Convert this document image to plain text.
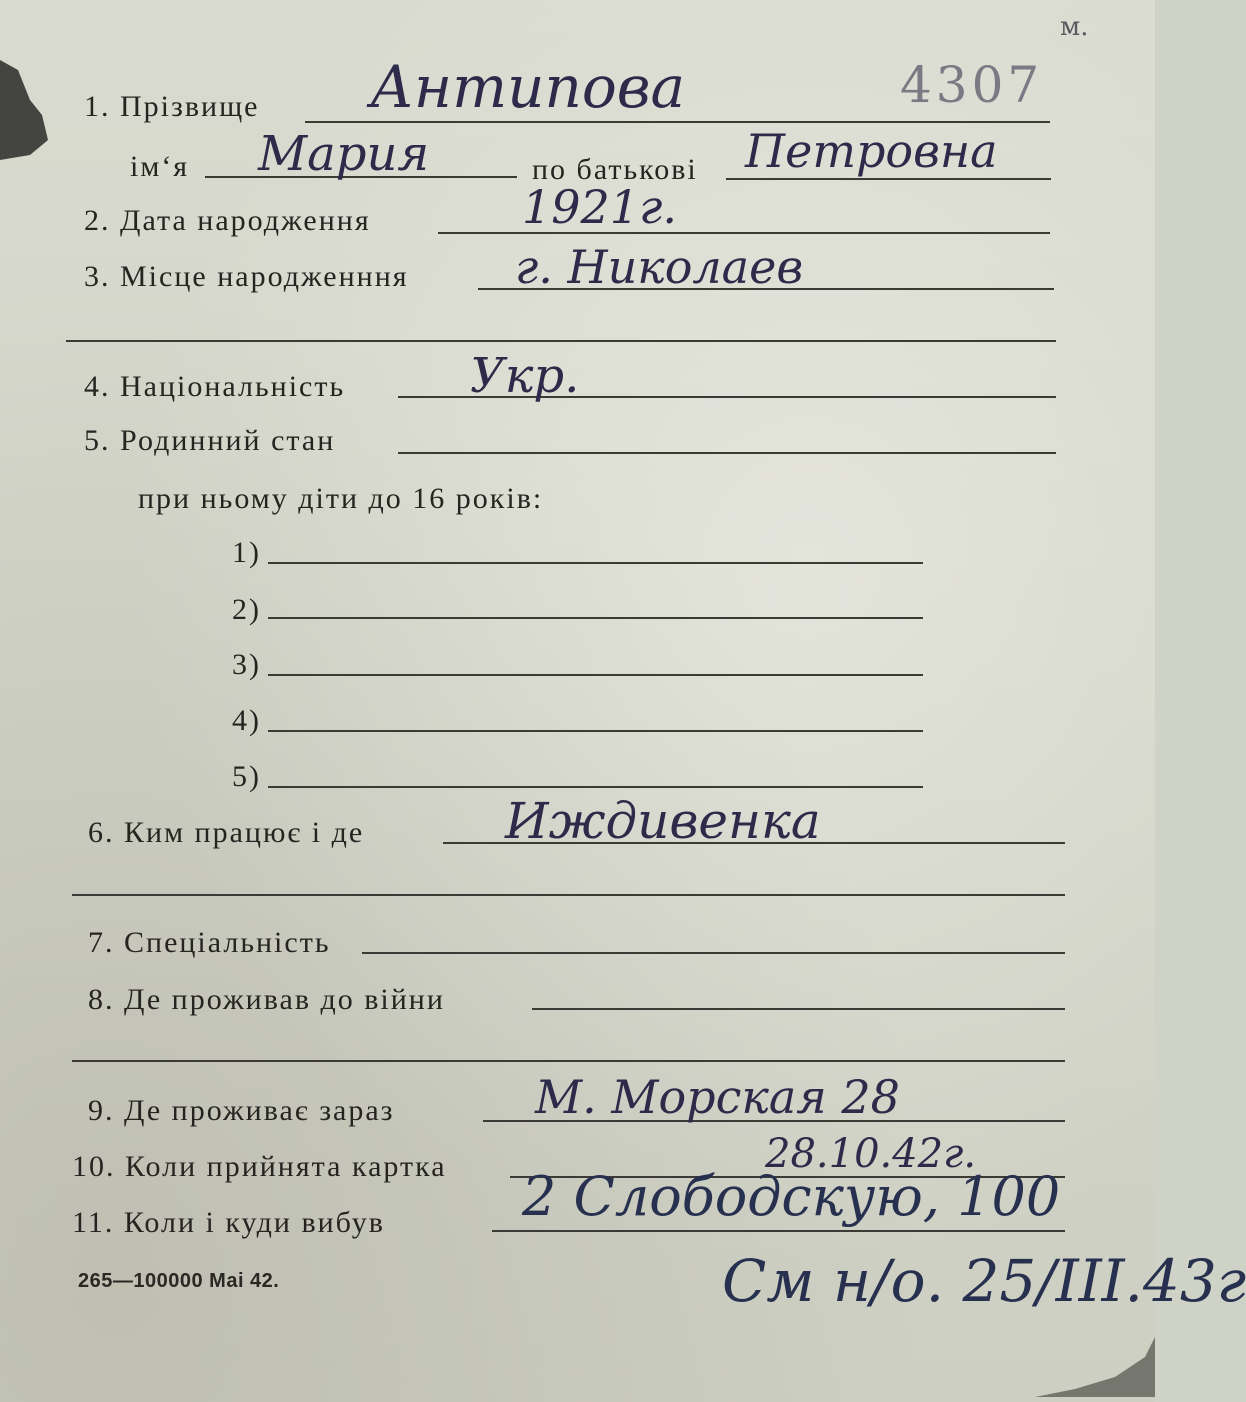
м.
4307
1. Прізвище Антипова
ім‘я Мария	по батькові Петровна
2. Дата народження	1921г.
3. Місце народженння г. Николаев
4. Національність	Укр.
5. Родинний стан
при ньому діти до 16 років:
1)
2)
3)
4)
5)
6. Ким працює і де	Иждивенка
7. Спеціальність
8. Де проживав до війни
9. Де проживає зараз	М. Морская 28
10. Коли прийнята картка	28.10.42г.
11. Коли і куди вибув	2 Слободскую, 100
См н/о. 25/III.43г
265—100000 Mai 42.
